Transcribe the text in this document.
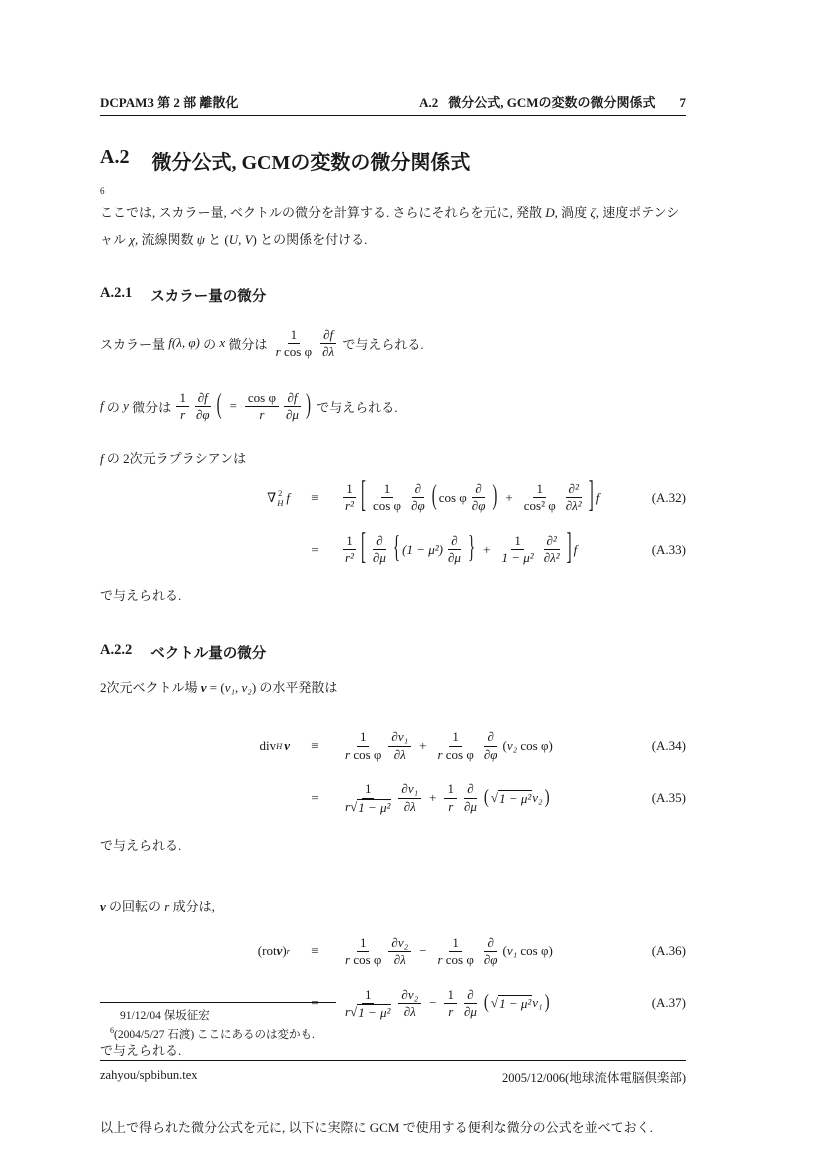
DCPAM3 第 2 部 離散化	A.2 微分公式, GCMの変数の微分関係式 7
A.2 微分公式, GCMの変数の微分関係式
6

ここでは, スカラー量, ベクトルの微分を計算する. さらにそれらを元に, 発散 D, 渦度 ζ, 速度ポテンシャル χ, 流線関数 ψ と (U, V) との関係を付ける.

A.2.1 スカラー量の微分
スカラー量 f(λ, φ) の x 微分は $\frac{1}{\text{r cos φ}} \frac{\partial f}{\partial\lambda}$ で与えられる.
f の y 微分は $\frac{1}{r} \frac{\partial f}{\partial\varphi}$ ( = $\frac{\text{cos φ}}{r} \frac{\partial f}{\partial\mu}$ ) で与えられる.

f の 2次元ラプラシアンは

∇ 2
H f	≡	$\frac{1}{\text{r²}}$ [ $\frac{1}{\text{cos φ}} \frac{\partial}{\partial\varphi}$ ( cos φ $\frac{\partial}{\partial\varphi}$ ) + $\frac{1}{\text{cos² φ}} \frac{\text{∂²}}{\text{∂λ²}}$ ] f	(A.32)
=	$\frac{1}{\text{r²}}$ [ $\frac{\partial}{\partial\mu}$ { $(1 - \mu^2) \frac{\partial}{\partial\mu}$ } + $\frac{1}{\text{1 − μ²}} \frac{\text{∂²}}{\text{∂λ²}}$ ] f	(A.33)

で与えられる.

A.2.2 ベクトル量の微分

2次元ベクトル場 v = (v₁, v₂) の水平発散は

div H v	≡	$\frac{1}{\text{r cos φ}} \frac{\text{∂v₁}}{\partial\lambda} + \frac{1}{\text{r cos φ}} \frac{\partial}{\partial\varphi}$ ( v₂ cos φ)	(A.34)
=	$\frac{1}{\text{r √ 1 − μ²}} \frac{\text{∂v₁}}{\partial\lambda} + \frac{1}{r} \frac{\partial}{\partial\mu}$ ( √ 1 − μ² v₂ )	(A.35)

で与えられる.

v の回転の r 成分は,

( rot v ) r	≡	$\frac{1}{\text{r cos φ}} \frac{\text{∂v₂}}{\partial\lambda} - \frac{1}{\text{r cos φ}} \frac{\partial}{\partial\varphi}$ ( v₁ cos φ)	(A.36)
=	$\frac{1}{\text{r √ 1 − μ²}} \frac{\text{∂v₂}}{\partial\lambda} - \frac{1}{r} \frac{\partial}{\partial\mu}$ ( √ 1 − μ² v₁ )	(A.37)

で与えられる.

以上で得られた微分公式を元に, 以下に実際に GCM で使用する便利な微分の公式を並べておく.

91/12/04 保坂征宏
$^6$(2004/5/27 石渡) ここにあるのは変かも.
zahyou/spbibun.tex	2005/12/006(地球流体電脳倶楽部)
